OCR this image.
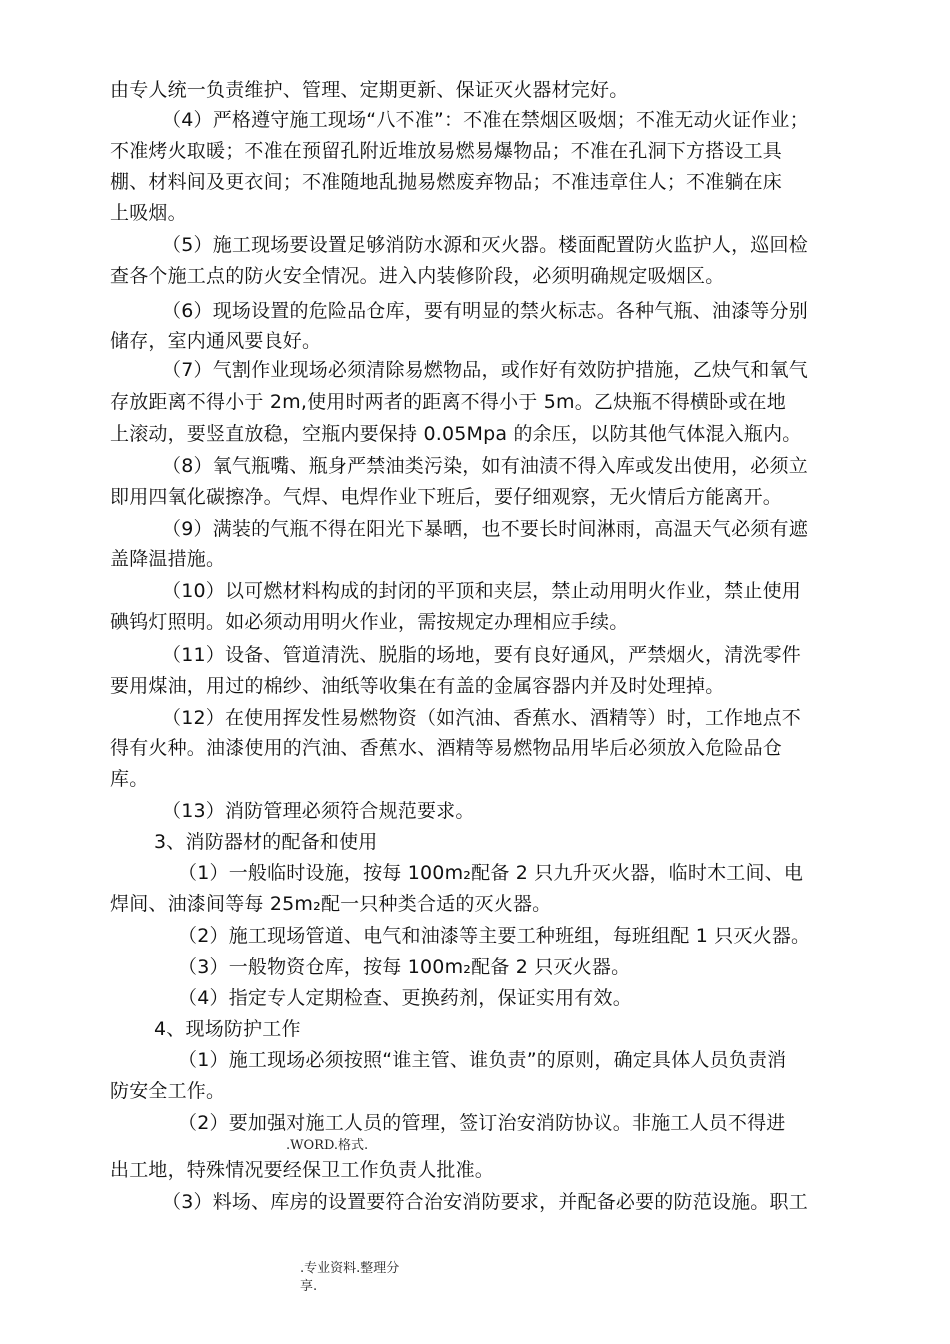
由专人统一负责维护、管理、定期更新、保证灭火器材完好。
（4）严格遵守施工现场“八不准”：不准在禁烟区吸烟；不准无动火证作业；
不准烤火取暖；不准在预留孔附近堆放易燃易爆物品；不准在孔洞下方搭设工具
棚、材料间及更衣间；不准随地乱抛易燃废弃物品；不准违章住人；不准躺在床
上吸烟。
（5）施工现场要设置足够消防水源和灭火器。楼面配置防火监护人，巡回检
查各个施工点的防火安全情况。进入内装修阶段，必须明确规定吸烟区。
（6）现场设置的危险品仓库，要有明显的禁火标志。各种气瓶、油漆等分别
储存，室内通风要良好。
（7）气割作业现场必须清除易燃物品，或作好有效防护措施，乙炔气和氧气
存放距离不得小于 2m,使用时两者的距离不得小于 5m。乙炔瓶不得横卧或在地
上滚动，要竖直放稳，空瓶内要保持 0.05Mpa 的余压，以防其他气体混入瓶内。
（8）氧气瓶嘴、瓶身严禁油类污染，如有油渍不得入库或发出使用，必须立
即用四氧化碳擦净。气焊、电焊作业下班后，要仔细观察，无火情后方能离开。
（9）满装的气瓶不得在阳光下暴晒，也不要长时间淋雨，高温天气必须有遮
盖降温措施。
（10）以可燃材料构成的封闭的平顶和夹层，禁止动用明火作业，禁止使用
碘钨灯照明。如必须动用明火作业，需按规定办理相应手续。
（11）设备、管道清洗、脱脂的场地，要有良好通风，严禁烟火，清洗零件
要用煤油，用过的棉纱、油纸等收集在有盖的金属容器内并及时处理掉。
（12）在使用挥发性易燃物资（如汽油、香蕉水、酒精等）时，工作地点不
得有火种。油漆使用的汽油、香蕉水、酒精等易燃物品用毕后必须放入危险品仓
库。
（13）消防管理必须符合规范要求。
3、消防器材的配备和使用
（1）一般临时设施，按每 100m₂配备 2 只九升灭火器，临时木工间、电
焊间、油漆间等每 25m₂配一只种类合适的灭火器。
（2）施工现场管道、电气和油漆等主要工种班组，每班组配 1 只灭火器。
（3）一般物资仓库，按每 100m₂配备 2 只灭火器。
（4）指定专人定期检查、更换药剂，保证实用有效。
4、现场防护工作
（1）施工现场必须按照“谁主管、谁负责”的原则，确定具体人员负责消
防安全工作。
（2）要加强对施工人员的管理，签订治安消防协议。非施工人员不得进
.WORD.格式.
出工地，特殊情况要经保卫工作负责人批准。
（3）料场、库房的设置要符合治安消防要求，并配备必要的防范设施。职工
.专业资料.整理分
享.
